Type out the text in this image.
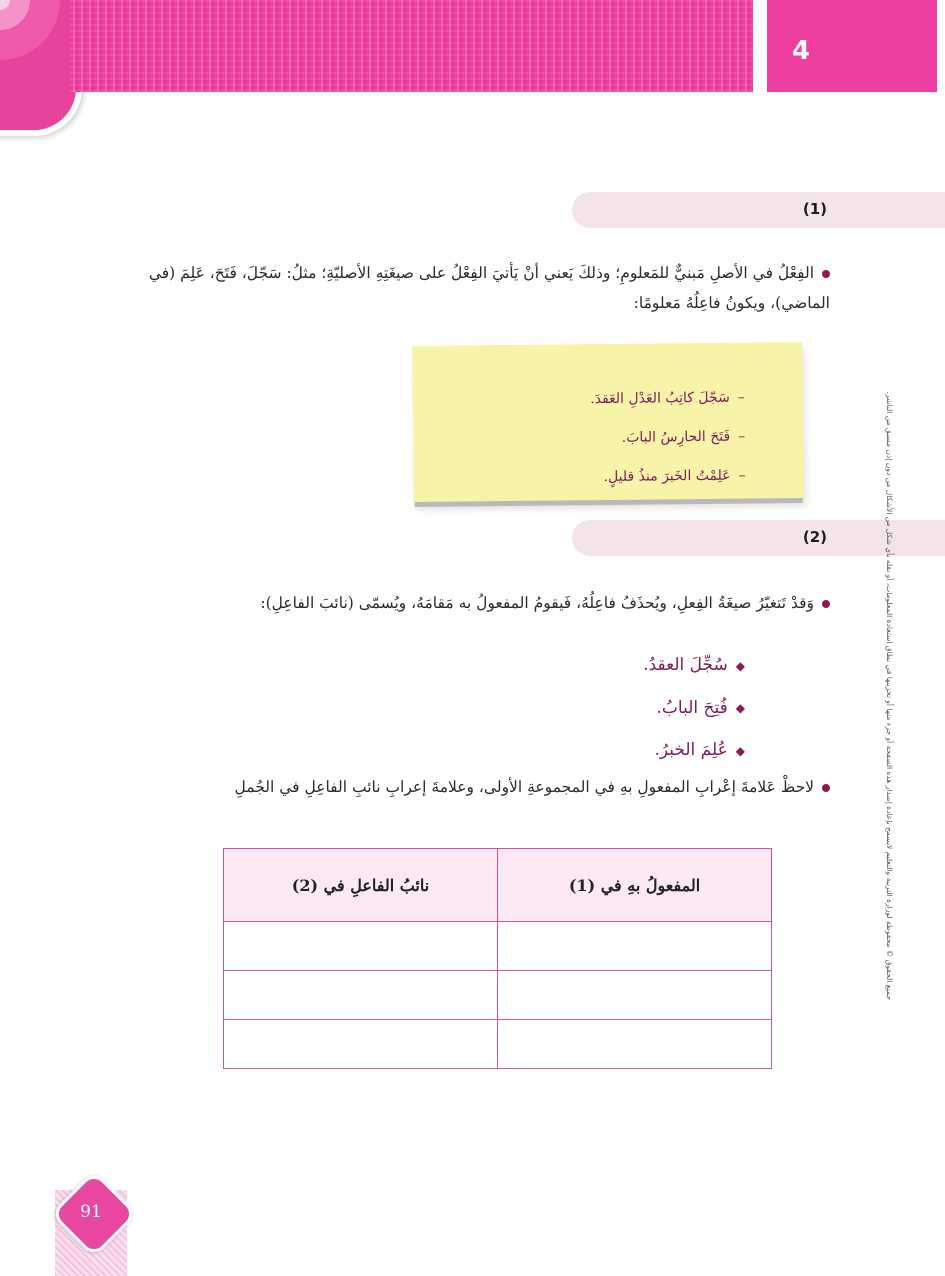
4
(1)
الفِعْلُ في الأصلِ مَبنيٌّ للمَعلومِ؛ وذلكَ يَعني أنْ يَأتيَ الفِعْلُ على صيغَتِهِ الأصليّةِ؛ مثلُ: سَجّلَ، فَتَحَ، عَلِمَ (في الماضي)، ويكونُ فاعِلُهُ مَعلومًا:
–سَجّلَ كاتِبُ العَدْلِ العَقدَ.
–فَتَحَ الحارِسُ البابَ.
–عَلِمْتُ الخَبرَ منذُ قليلٍ.
(2)
وَقدْ تَتغيّرُ صيغَةُ الفِعلِ، ويُحذَفُ فاعِلُهُ، فَيقومُ المفعولُ به مَقامَهُ، ويُسمّى (نائبَ الفاعِلِ):
◆سُجِّلَ العقدُ.
◆فُتِحَ البابُ.
◆عُلِمَ الخبرُ.
لاحظْ عَلامةَ إعْرابِ المفعولِ بهِ في المجموعةِ الأولى، وعلامةَ إعرابِ نائبِ الفاعِلِ في الجُملِ
المفعولُ بهِ في (1)	نائبُ الفاعلِ في (2)

		جميع الحقوق © محفوظة لوزارة التربية والتعليم لايسمح بإعادة إصدار هذه الصفحة أو جزء منها أو تخزينها في نطاق استعادة المعلومات، أو نقله بأي شكل من الأشكال من دون إذن مسبق من الناشر.
91
